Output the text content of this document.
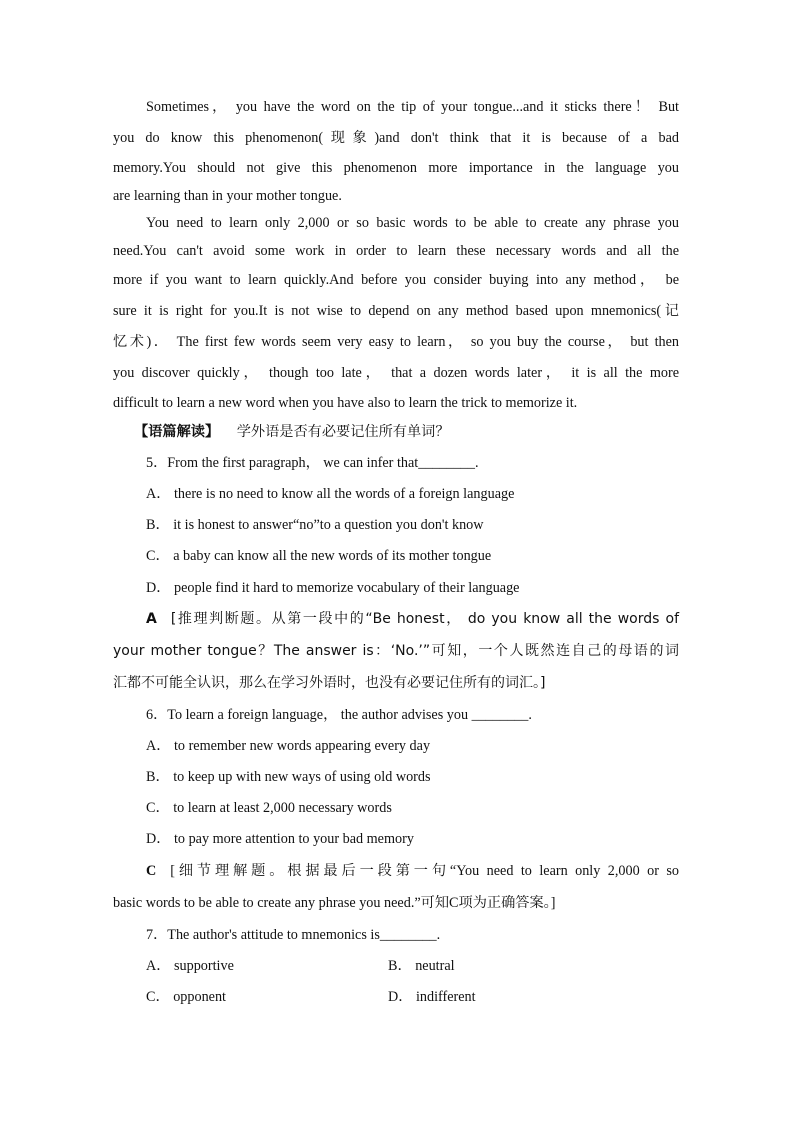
Sometimes， you have the word on the tip of your tongue...and it sticks there！ But
you do know this phenomenon(现象)and don't think that it is because of a bad
memory.You should not give this phenomenon more importance in the language you
are learning than in your mother tongue.
You need to learn only 2,000 or so basic words to be able to create any phrase you
need.You can't avoid some work in order to learn these necessary words and all the
more if you want to learn quickly.And before you consider buying into any method， be
sure it is right for you.It is not wise to depend on any method based upon mnemonics(记
忆术)． The first few words seem very easy to learn， so you buy the course， but then
you discover quickly， though too late， that a dozen words later， it is all the more
difficult to learn a new word when you have also to learn the trick to memorize it.
【语篇解读】 学外语是否有必要记住所有单词？
5．From the first paragraph， we can infer that________.
A． there is no need to know all the words of a foreign language
B． it is honest to answer“no”to a question you don't know
C． a baby can know all the new words of its mother tongue
D． people find it hard to memorize vocabulary of their language
A [推理判断题。从第一段中的“Be honest， do you know all the words of
your mother tongue？The answer is：‘No.’”可知，一个人既然连自己的母语的词
汇都不可能全认识，那么在学习外语时，也没有必要记住所有的词汇。]
6．To learn a foreign language， the author advises you ________.
A． to remember new words appearing every day
B． to keep up with new ways of using old words
C． to learn at least 2,000 necessary words
D． to pay more attention to your bad memory
C [细节理解题。根据最后一段第一句“You need to learn only 2,000 or so
basic words to be able to create any phrase you need.”可知C项为正确答案。]
7．The author's attitude to mnemonics is________.
A． supportive	B． neutral
C． opponent	D． indifferent
